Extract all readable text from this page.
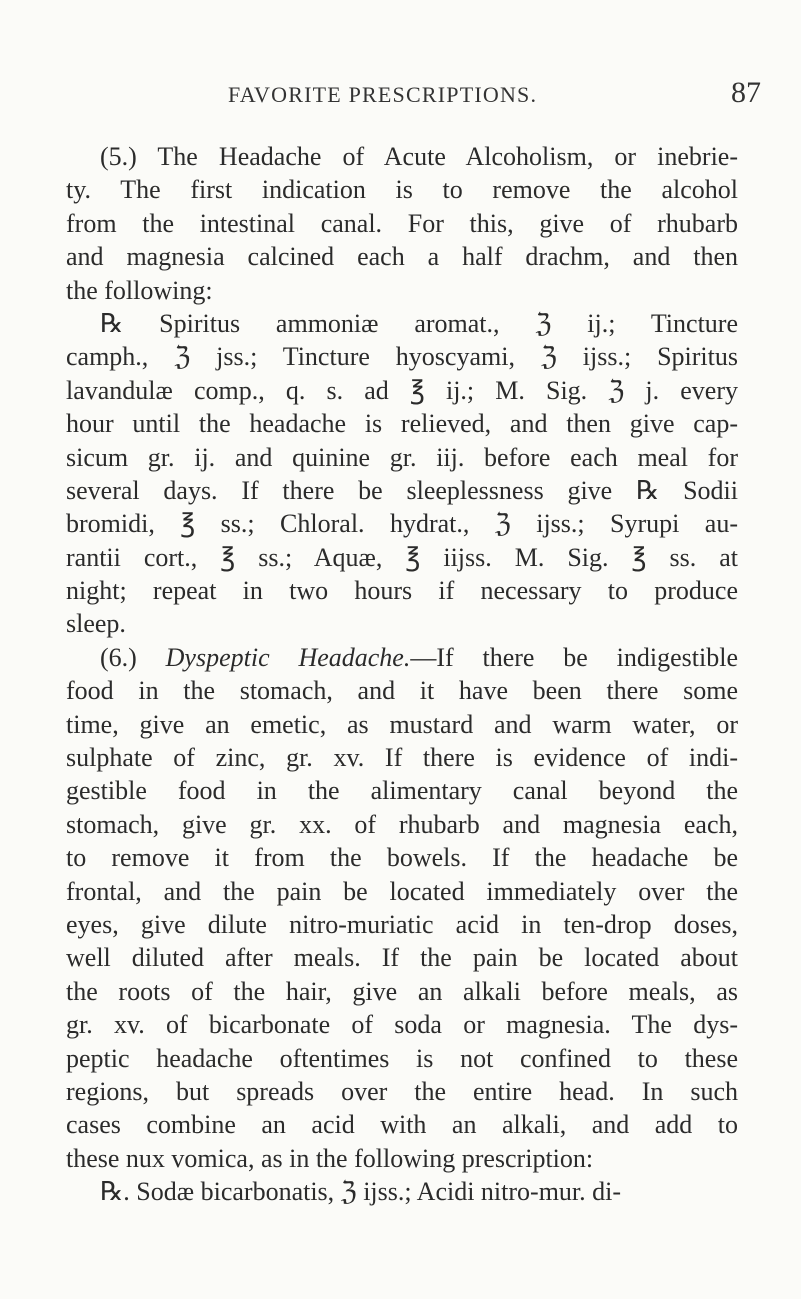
FAVORITE PRESCRIPTIONS.	87
(5.) The Headache of Acute Alcoholism, or inebrie-
ty. The first indication is to remove the alcohol
from the intestinal canal. For this, give of rhubarb
and magnesia calcined each a half drachm, and then
the following:
℞ Spiritus ammoniæ aromat., ℨ ij.; Tincture
camph., ℨ jss.; Tincture hyoscyami, ℨ ijss.; Spiritus
lavandulæ comp., q. s. ad ℥ ij.; M. Sig. ℨ j. every
hour until the headache is relieved, and then give cap-
sicum gr. ij. and quinine gr. iij. before each meal for
several days. If there be sleeplessness give ℞ Sodii
bromidi, ℥ ss.; Chloral. hydrat., ℨ ijss.; Syrupi au-
rantii cort., ℥ ss.; Aquæ, ℥ iijss. M. Sig. ℥ ss. at
night; repeat in two hours if necessary to produce
sleep.
(6.) Dyspeptic Headache.—If there be indigestible
food in the stomach, and it have been there some
time, give an emetic, as mustard and warm water, or
sulphate of zinc, gr. xv. If there is evidence of indi-
gestible food in the alimentary canal beyond the
stomach, give gr. xx. of rhubarb and magnesia each,
to remove it from the bowels. If the headache be
frontal, and the pain be located immediately over the
eyes, give dilute nitro-muriatic acid in ten-drop doses,
well diluted after meals. If the pain be located about
the roots of the hair, give an alkali before meals, as
gr. xv. of bicarbonate of soda or magnesia. The dys-
peptic headache oftentimes is not confined to these
regions, but spreads over the entire head. In such
cases combine an acid with an alkali, and add to
these nux vomica, as in the following prescription:
℞. Sodæ bicarbonatis, ℨ ijss.; Acidi nitro-mur. di-
